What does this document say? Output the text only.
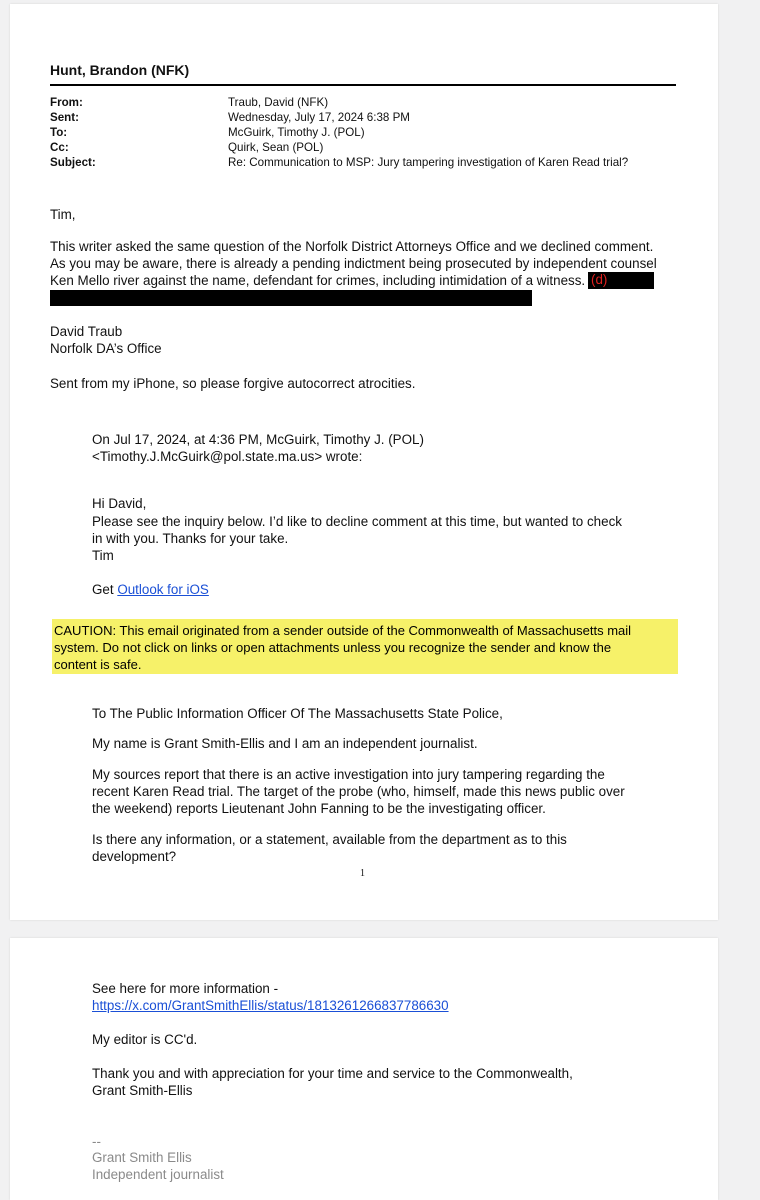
Hunt, Brandon (NFK)
From:	Traub, David (NFK)
Sent:	Wednesday, July 17, 2024 6:38 PM
To:	McGuirk, Timothy J. (POL)
Cc:	Quirk, Sean (POL)
Subject:	Re: Communication to MSP: Jury tampering investigation of Karen Read trial?
Tim,
This writer asked the same question of the Norfolk District Attorneys Office and we declined comment.
As you may be aware, there is already a pending indictment being prosecuted by independent counsel
Ken Mello river against the name, defendant for crimes, including intimidation of a witness. (d)
David Traub
Norfolk DA’s Office
Sent from my iPhone, so please forgive autocorrect atrocities.
On Jul 17, 2024, at 4:36 PM, McGuirk, Timothy J. (POL)
<Timothy.J.McGuirk@pol.state.ma.us> wrote:
Hi David,
Please see the inquiry below. I’d like to decline comment at this time, but wanted to check
in with you. Thanks for your take.
Tim
Get Outlook for iOS
CAUTION: This email originated from a sender outside of the Commonwealth of Massachusetts mail
system. Do not click on links or open attachments unless you recognize the sender and know the
content is safe.
To The Public Information Officer Of The Massachusetts State Police,
My name is Grant Smith-Ellis and I am an independent journalist.
My sources report that there is an active investigation into jury tampering regarding the
recent Karen Read trial. The target of the probe (who, himself, made this news public over
the weekend) reports Lieutenant John Fanning to be the investigating officer.
Is there any information, or a statement, available from the department as to this
development?
1
See here for more information -
https://x.com/GrantSmithEllis/status/1813261266837786630
My editor is CC'd.
Thank you and with appreciation for your time and service to the Commonwealth,
Grant Smith-Ellis
--
Grant Smith Ellis
Independent journalist
